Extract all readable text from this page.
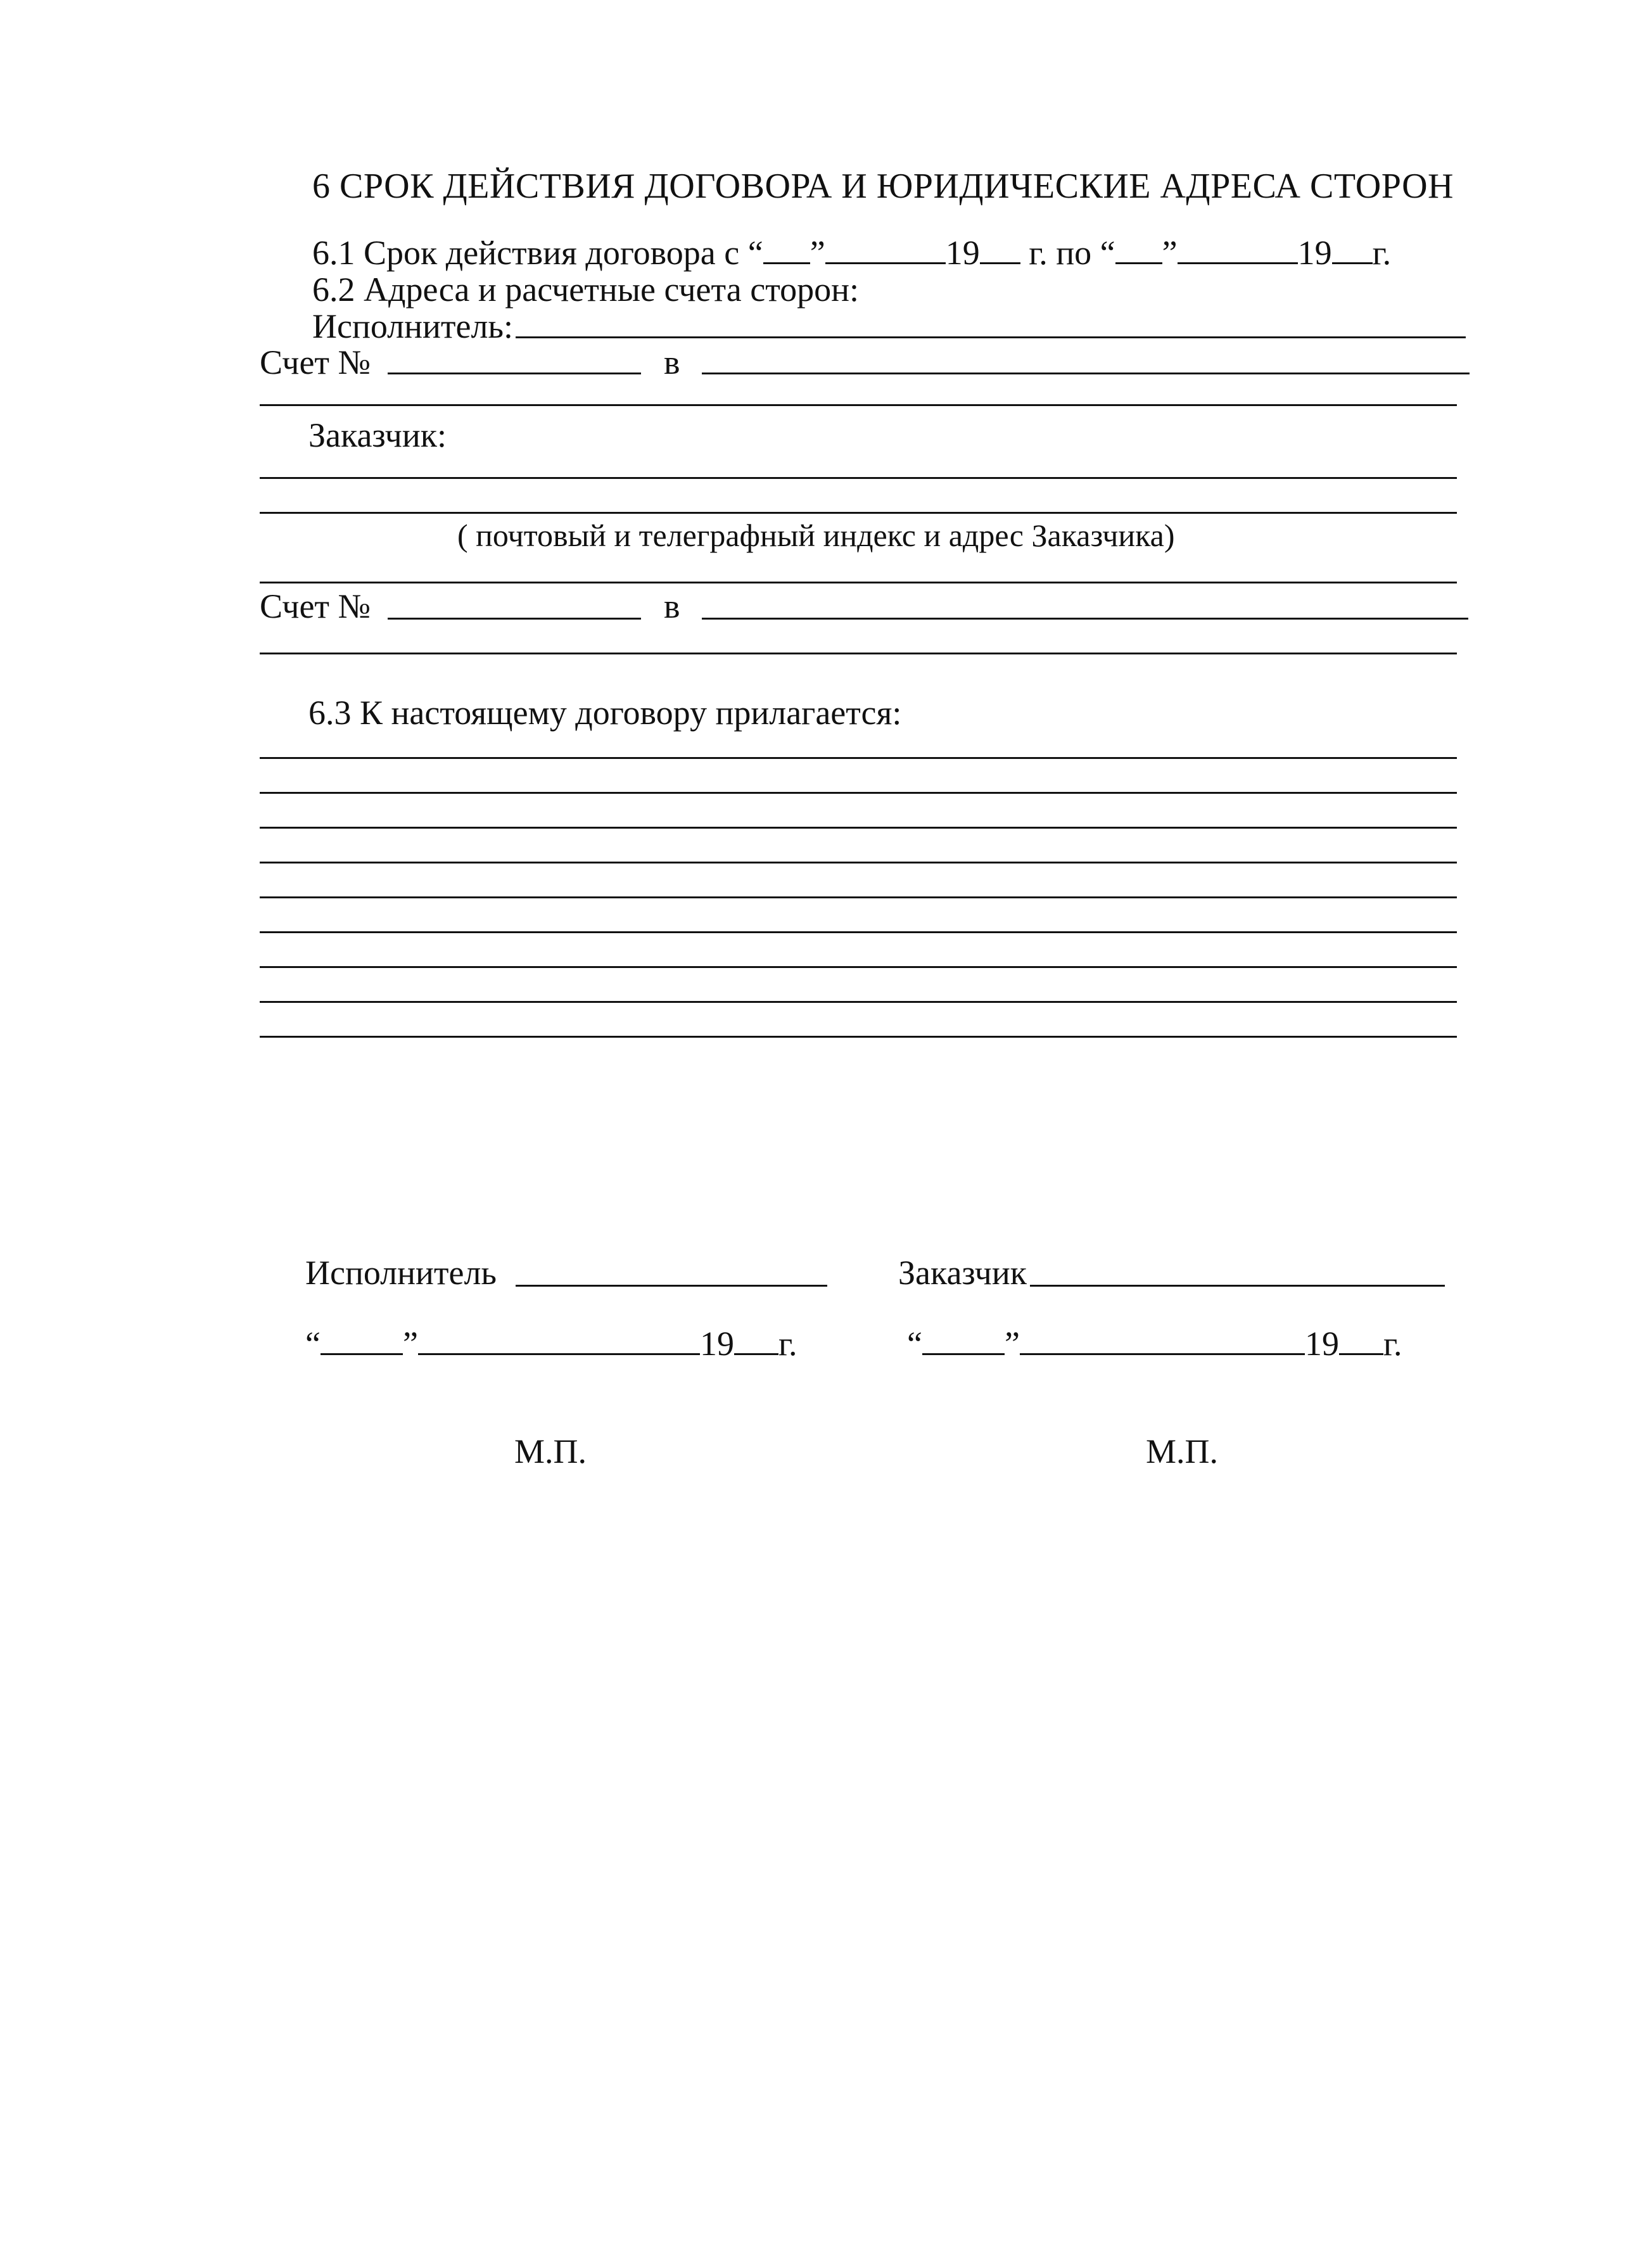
6 СРОК ДЕЙСТВИЯ ДОГОВОРА И ЮРИДИЧЕСКИЕ АДРЕСА СТОРОН
6.1 Срок действия договора с “ ”	19 г. по “ ”	19 г.
6.2 Адреса и расчетные счета сторон:
Исполнитель:
Счет №	в
Заказчик:
( почтовый и телеграфный индекс и адрес Заказчика)
Счет №	в
6.3 К настоящему договору прилагается:
Исполнитель	Заказчик
“ ”	19 г.	“ ”	19 г.
М.П.	М.П.
